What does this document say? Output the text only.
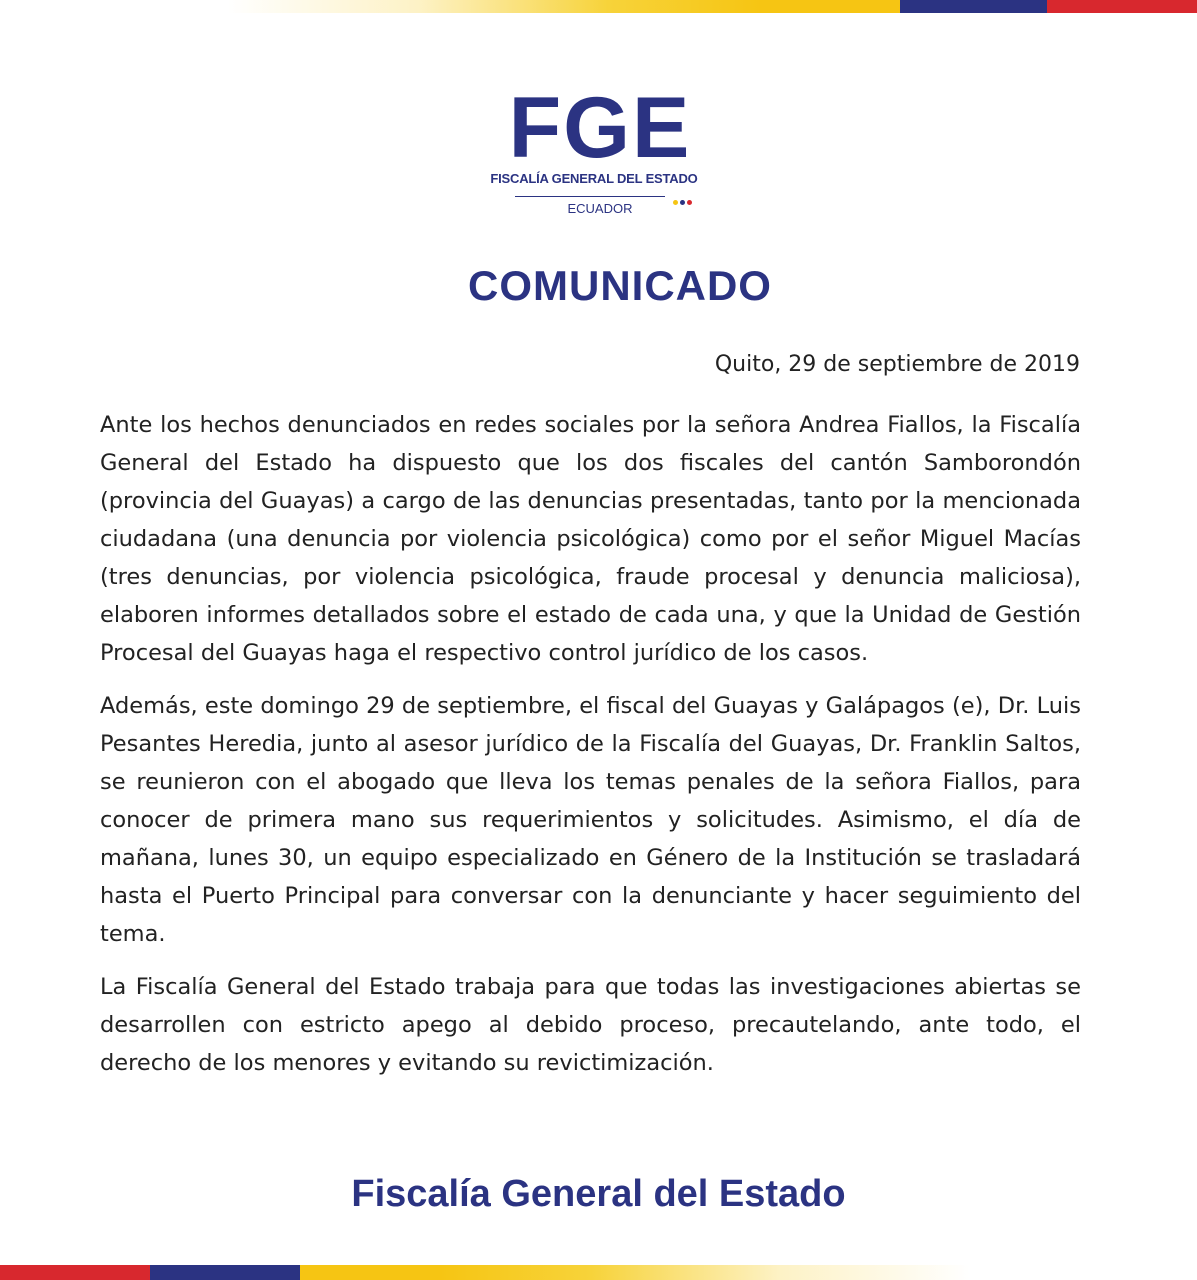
FGE
FISCALÍA GENERAL DEL ESTADO
ECUADOR
COMUNICADO
Quito, 29 de septiembre de 2019

Ante los hechos denunciados en redes sociales por la señora Andrea Fiallos, la Fiscalía General del Estado ha dispuesto que los dos fiscales del cantón Samborondón (provincia del Guayas) a cargo de las denuncias presentadas, tanto por la mencionada ciudadana (una denuncia por violencia psicológica) como por el señor Miguel Macías (tres denuncias, por violencia psicológica, fraude procesal y denuncia maliciosa), elaboren informes detallados sobre el estado de cada una, y que la Unidad de Gestión Procesal del Guayas haga el respectivo control jurídico de los casos.

Además, este domingo 29 de septiembre, el fiscal del Guayas y Galápagos (e), Dr. Luis Pesantes Heredia, junto al asesor jurídico de la Fiscalía del Guayas, Dr. Franklin Saltos, se reunieron con el abogado que lleva los temas penales de la señora Fiallos, para conocer de primera mano sus requerimientos y solicitudes. Asimismo, el día de mañana, lunes 30, un equipo especializado en Género de la Institución se trasladará hasta el Puerto Principal para conversar con la denunciante y hacer seguimiento del tema.

La Fiscalía General del Estado trabaja para que todas las investigaciones abiertas se desarrollen con estricto apego al debido proceso, precautelando, ante todo, el derecho de los menores y evitando su revictimización.

Fiscalía General del Estado
